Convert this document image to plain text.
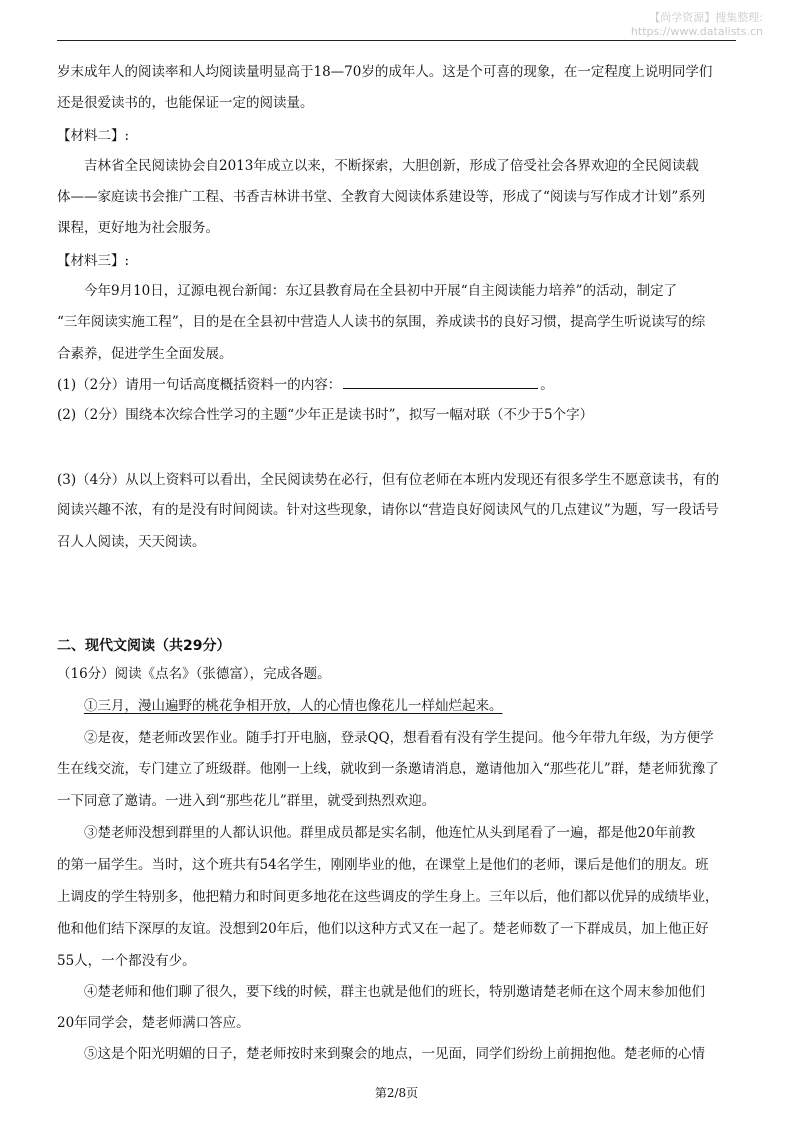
【尚学资源】搜集整理:
https://www.datalists.cn
岁末成年人的阅读率和人均阅读量明显高于18—70岁的成年人。这是个可喜的现象，在一定程度上说明同学们
还是很爱读书的，也能保证一定的阅读量。
【材料二】:
吉林省全民阅读协会自2013年成立以来，不断探索，大胆创新，形成了倍受社会各界欢迎的全民阅读载
体——家庭读书会推广工程、书香吉林讲书堂、全教育大阅读体系建设等，形成了“阅读与写作成才计划”系列
课程，更好地为社会服务。
【材料三】:
今年9月10日，辽源电视台新闻：东辽县教育局在全县初中开展“自主阅读能力培养”的活动，制定了
“三年阅读实施工程”，目的是在全县初中营造人人读书的氛围，养成读书的良好习惯，提高学生听说读写的综
合素养，促进学生全面发展。
(1)（2分）请用一句话高度概括资料一的内容：	。
(2)（2分）围绕本次综合性学习的主题“少年正是读书时”，拟写一幅对联（不少于5个字）
(3)（4分）从以上资料可以看出，全民阅读势在必行，但有位老师在本班内发现还有很多学生不愿意读书，有的
阅读兴趣不浓，有的是没有时间阅读。针对这些现象，请你以“营造良好阅读风气的几点建议”为题，写一段话号
召人人阅读，天天阅读。
二、现代文阅读（共29分）
（16分）阅读《点名》（张德富），完成各题。
①三月，漫山遍野的桃花争相开放，人的心情也像花儿一样灿烂起来。
②是夜，楚老师改罢作业。随手打开电脑，登录QQ，想看看有没有学生提问。他今年带九年级，为方便学
生在线交流，专门建立了班级群。他刚一上线，就收到一条邀请消息，邀请他加入“那些花儿”群，楚老师犹豫了
一下同意了邀请。一进入到“那些花儿”群里，就受到热烈欢迎。
③楚老师没想到群里的人都认识他。群里成员都是实名制，他连忙从头到尾看了一遍，都是他20年前教
的第一届学生。当时，这个班共有54名学生，刚刚毕业的他，在课堂上是他们的老师，课后是他们的朋友。班
上调皮的学生特别多，他把精力和时间更多地花在这些调皮的学生身上。三年以后，他们都以优异的成绩毕业，
他和他们结下深厚的友谊。没想到20年后，他们以这种方式又在一起了。楚老师数了一下群成员，加上他正好
55人，一个都没有少。
④楚老师和他们聊了很久，要下线的时候，群主也就是他们的班长，特别邀请楚老师在这个周末参加他们
20年同学会，楚老师满口答应。
⑤这是个阳光明媚的日子，楚老师按时来到聚会的地点，一见面，同学们纷纷上前拥抱他。楚老师的心情
第2/8页
